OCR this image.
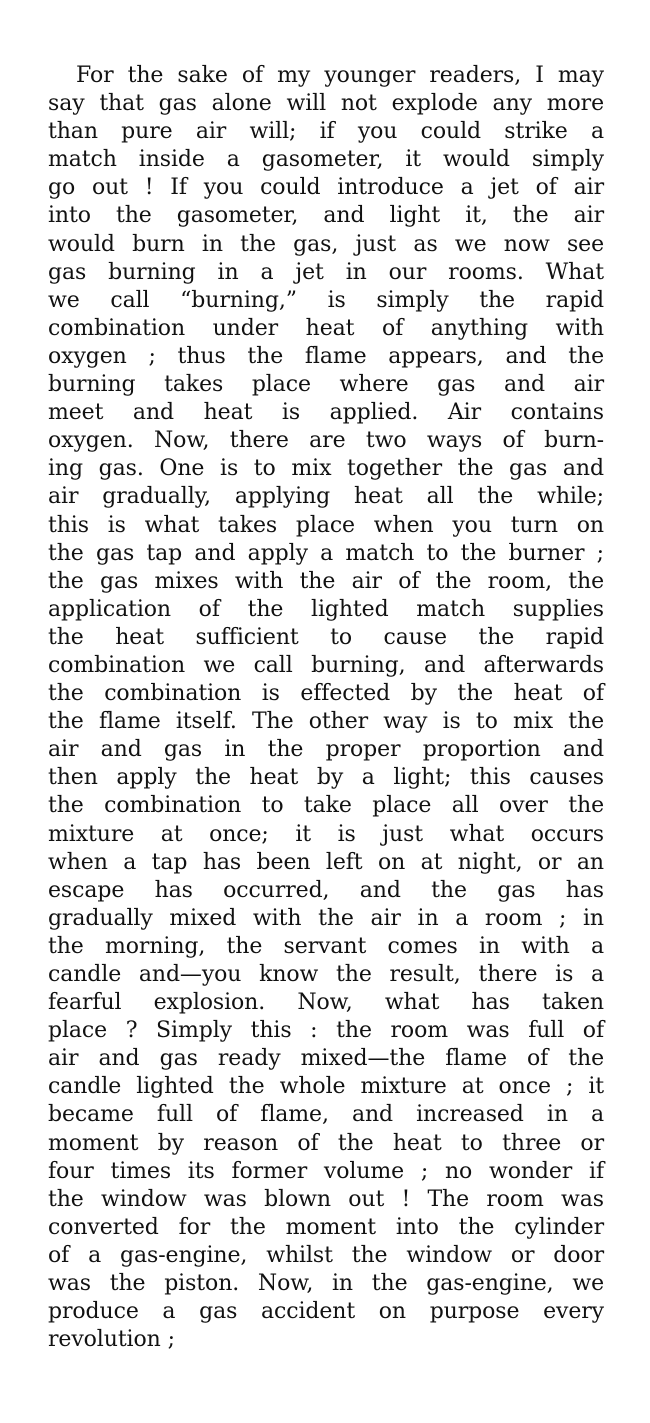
For the sake of my younger readers, I may
say that gas alone will not explode any more
than pure air will; if you could strike a
match inside a gasometer, it would simply
go out ! If you could introduce a jet of air
into the gasometer, and light it, the air
would burn in the gas, just as we now see
gas burning in a jet in our rooms. What
we call “burning,” is simply the rapid
combination under heat of anything with
oxygen ; thus the flame appears, and the
burning takes place where gas and air
meet and heat is applied. Air contains
oxygen. Now, there are two ways of burn-
ing gas. One is to mix together the gas and
air gradually, applying heat all the while;
this is what takes place when you turn on
the gas tap and apply a match to the burner ;
the gas mixes with the air of the room, the
application of the lighted match supplies
the heat sufficient to cause the rapid
combination we call burning, and afterwards
the combination is effected by the heat of
the flame itself. The other way is to mix the
air and gas in the proper proportion and
then apply the heat by a light; this causes
the combination to take place all over the
mixture at once; it is just what occurs
when a tap has been left on at night, or an
escape has occurred, and the gas has
gradually mixed with the air in a room ; in
the morning, the servant comes in with a
candle and—you know the result, there is a
fearful explosion. Now, what has taken
place ? Simply this : the room was full of
air and gas ready mixed—the flame of the
candle lighted the whole mixture at once ; it
became full of flame, and increased in a
moment by reason of the heat to three or
four times its former volume ; no wonder if
the window was blown out ! The room was
converted for the moment into the cylinder
of a gas-engine, whilst the window or door
was the piston. Now, in the gas-engine, we
produce a gas accident on purpose every
revolution ;
